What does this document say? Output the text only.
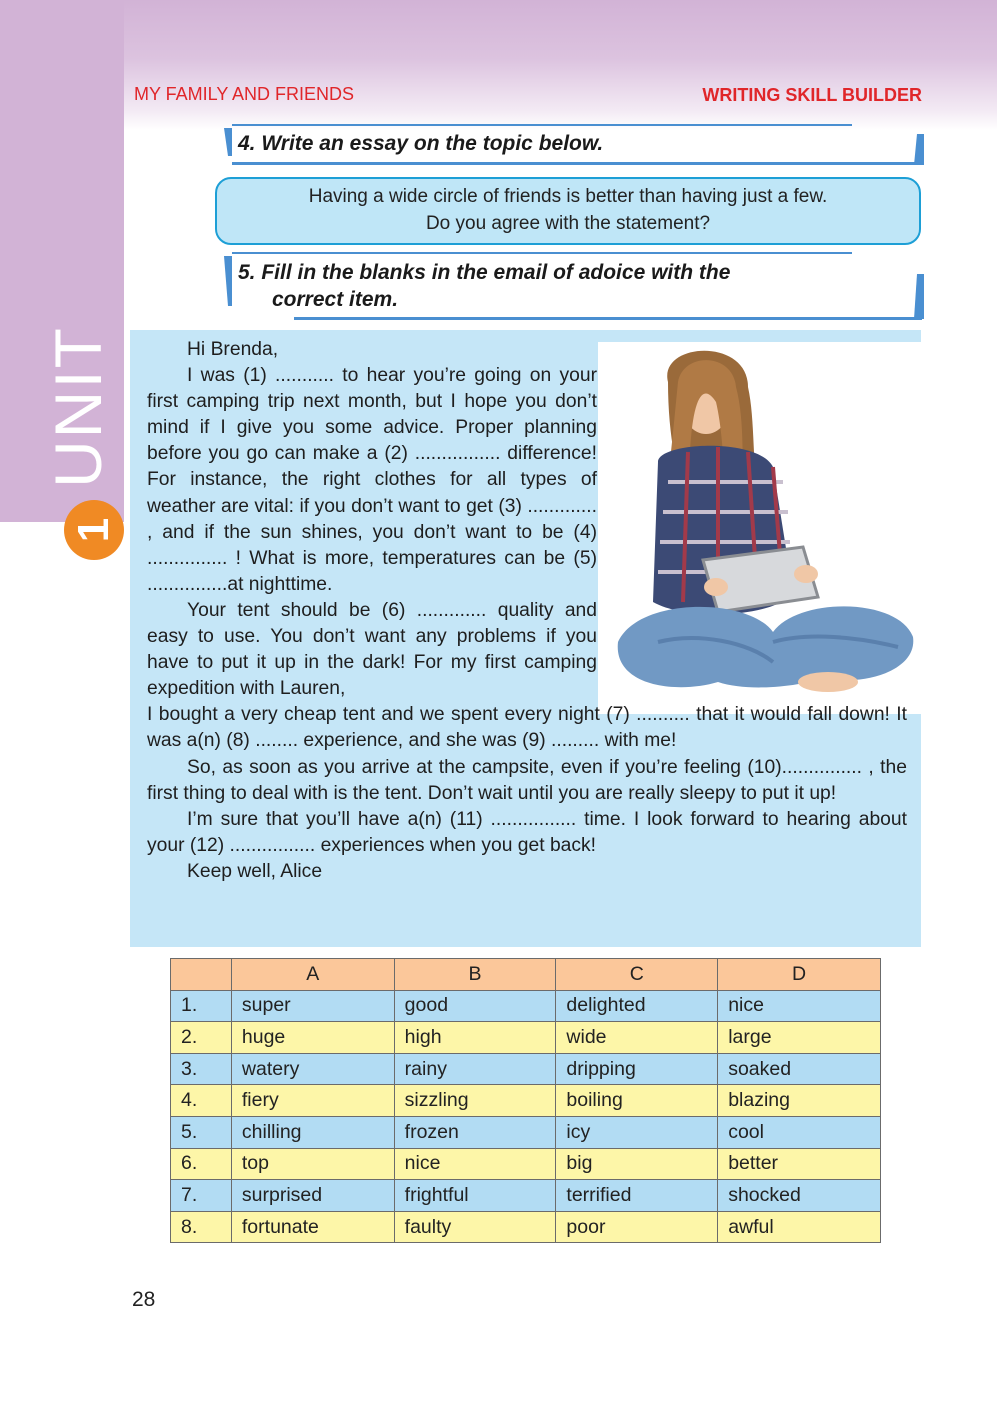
UNIT
1
MY FAMILY AND FRIENDS	WRITING SKILL BUILDER
4. Write an essay on the topic below.
Having a wide circle of friends is better than having just a few.
Do you agree with the statement?
5. Fill in the blanks in the email of adoice with the
correct item.

Hi Brenda,

I was (1) ........... to hear you’re going on your first camping trip next month, but I hope you don’t mind if I give you some advice. Proper planning before you go can make a (2) ................ difference! For instance, the right clothes for all types of weather are vital: if you don’t want to get (3) ............. , and if the sun shines, you don’t want to be (4) ............... ! What is more, temperatures can be (5) ...............at nighttime.

Your tent should be (6) ............. quality and easy to use. You don’t want any problems if you have to put it up in the dark! For my first camping expedition with Lauren,

I bought a very cheap tent and we spent every night (7) .......... that it would fall down! It was a(n) (8) ........ experience, and she was (9) ......... with me!

So, as soon as you arrive at the campsite, even if you’re feeling (10)............... , the first thing to deal with is the tent. Don’t wait until you are really sleepy to put it up!

I’m sure that you’ll have a(n) (11) ................ time. I look forward to hearing about your (12) ................ experiences when you get back!

Keep well, Alice

	A	B	C	D
1.	super	good	delighted	nice
2.	huge	high	wide	large
3.	watery	rainy	dripping	soaked
4.	fiery	sizzling	boiling	blazing
5.	chilling	frozen	icy	cool
6.	top	nice	big	better
7.	surprised	frightful	terrified	shocked
8.	fortunate	faulty	poor	awful
28
